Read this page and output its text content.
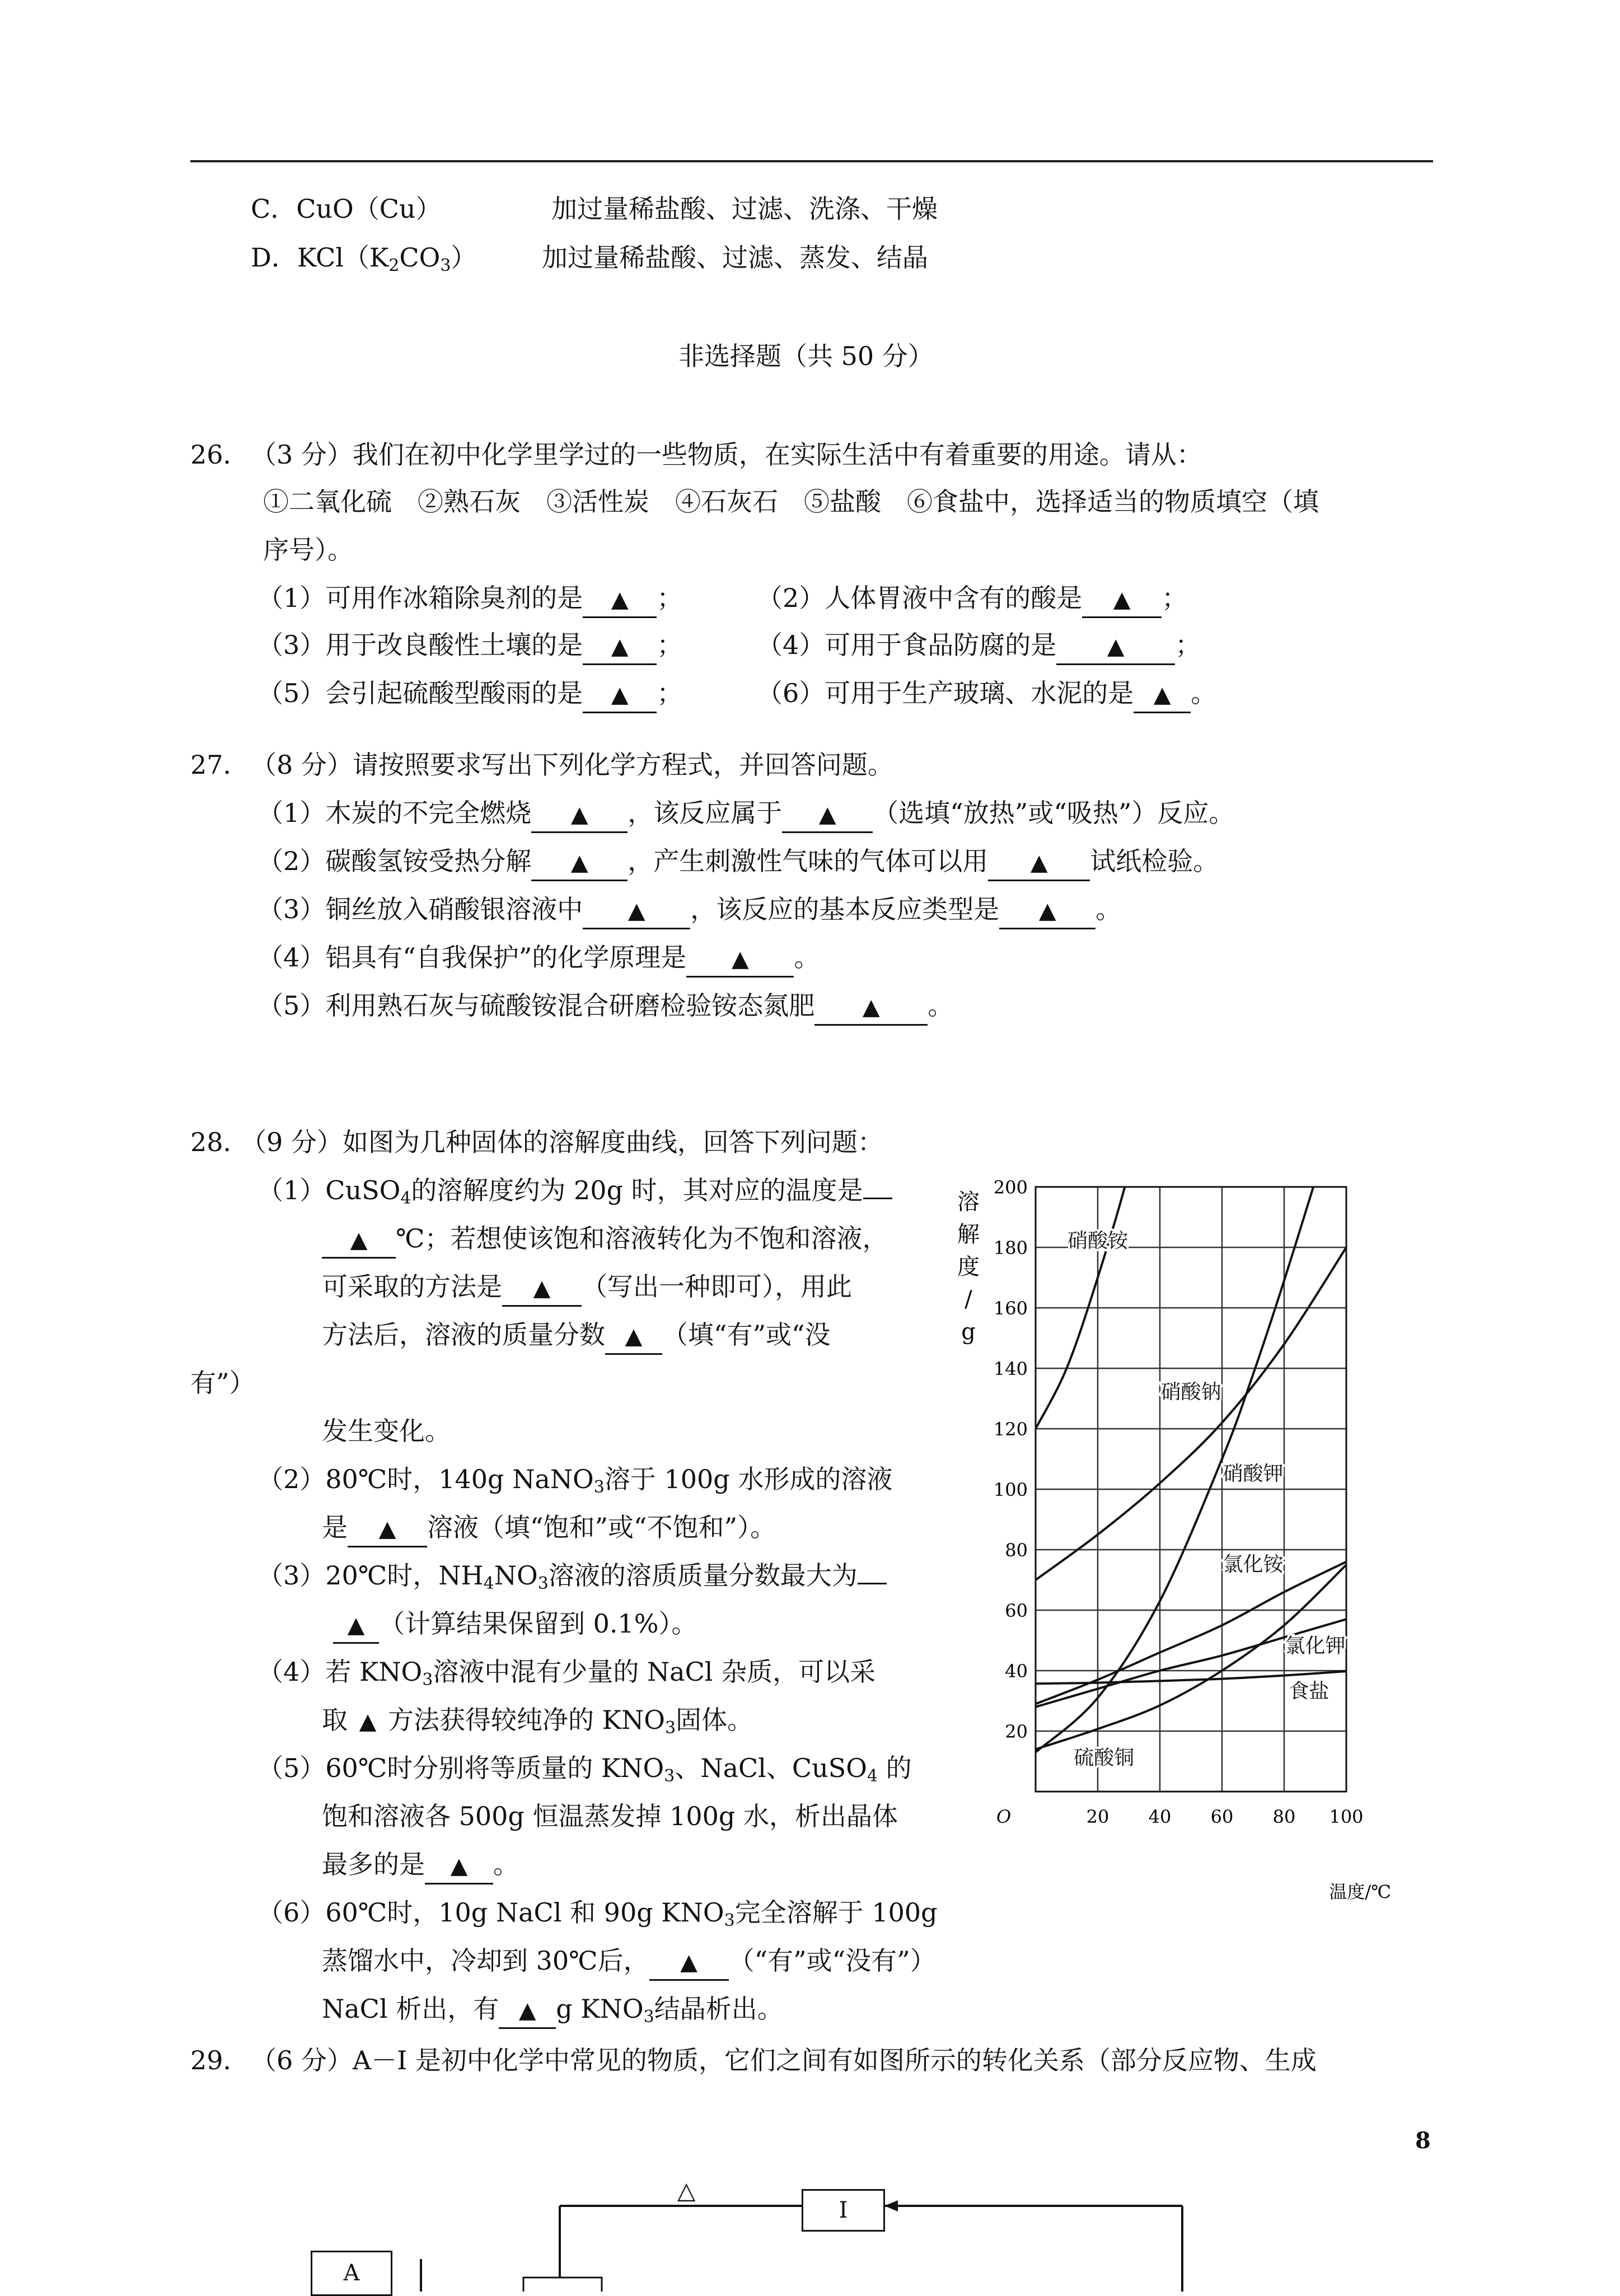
C．CuO（Cu）	加过量稀盐酸、过滤、洗涤、干燥
D．$KCl(K_2CO_3)$	加过量稀盐酸、过滤、蒸发、结晶
非选择题（共 50 分）
26． （3 分）我们在初中化学里学过的一些物质，在实际生活中有着重要的用途。请从：
①二氧化硫　②熟石灰　③活性炭　④石灰石　⑤盐酸　⑥食盐中，选择适当的物质填空（填
序号）。
（1）可用作冰箱除臭剂的是 ▲ ；	（2）人体胃液中含有的酸是 ▲ ；
（3）用于改良酸性土壤的是 ▲ ；	（4）可用于食品防腐的是 ▲ ；
（5）会引起硫酸型酸雨的是 ▲ ；	（6）可用于生产玻璃、水泥的是 ▲ 。
27． （8 分）请按照要求写出下列化学方程式，并回答问题。
（1）木炭的不完全燃烧 ▲ ，该反应属于 ▲ （选填“放热”或“吸热”）反应。
（2）碳酸氢铵受热分解 ▲ ，产生刺激性气味的气体可以用 ▲ 试纸检验。
（3）铜丝放入硝酸银溶液中 ▲ ，该反应的基本反应类型是 ▲ 。
（4）铝具有“自我保护”的化学原理是 ▲ 。
（5）利用熟石灰与硫酸铵混合研磨检验铵态氮肥 ▲ 。
28．
（9 分）如图为几种固体的溶解度曲线，回答下列问题：
（1）CuSO$_4$的溶解度约为 20g 时，其对应的温度是
▲ ℃；若想使该饱和溶液转化为不饱和溶液，
可采取的方法是 ▲ （写出一种即可），用此
方法后，溶液的质量分数 ▲ （填“有”或“没
有”）
发生变化。
（2）80℃时，140g NaNO$_3$溶于 100g 水形成的溶液
是 ▲ 溶液（填“饱和”或“不饱和”）。
（3）20℃时，$NH_4NO_3$溶液的溶质质量分数最大为
▲ （计算结果保留到 0.1%）。
（4）若 $KNO_3$溶液中混有少量的 NaCl 杂质，可以采
取 ▲ 方法获得较纯净的 $KNO_3$固体。
（5）60℃时分别将等质量的 $KNO_3$、NaCl、CuSO$_4$ 的
饱和溶液各 500g 恒温蒸发掉 100g 水，析出晶体
最多的是 ▲ 。
（6）60℃时，10g NaCl 和 90g $KNO_3$完全溶解于 100g
蒸馏水中，冷却到 30℃后， ▲ （“有”或“没有”）
NaCl 析出，有 ▲ g $KNO_3$结晶析出。
29． （6 分）A－I 是初中化学中常见的物质，它们之间有如图所示的转化关系（部分反应物、生成
8
I
A
△
20
40
60
80
100
120
140
160
180
200
20 40 60 80 100
O
溶
解
度
/
g
温度/℃
硝酸铵
硝酸钠
硝酸钾
氯化铵
氯化钾
食盐
硫酸铜
